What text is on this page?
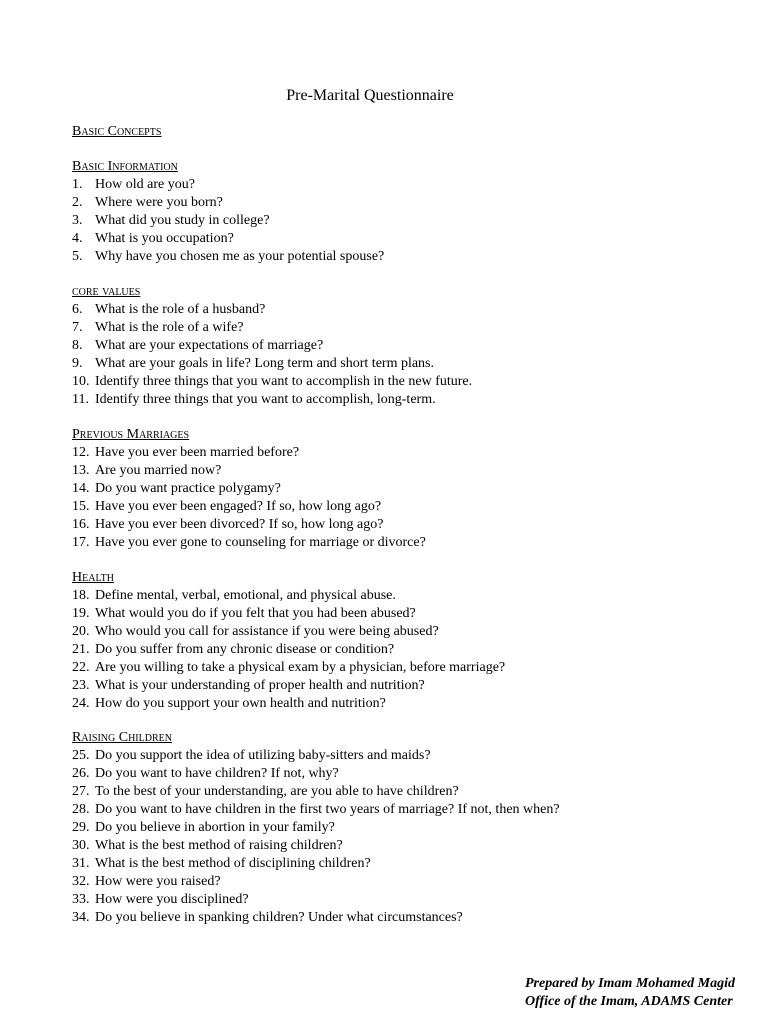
Pre-Marital Questionnaire
Basic Concepts
Basic Information
1. How old are you?
2. Where were you born?
3. What did you study in college?
4. What is you occupation?
5. Why have you chosen me as your potential spouse?
core values
6. What is the role of a husband?
7. What is the role of a wife?
8. What are your expectations of marriage?
9. What are your goals in life? Long term and short term plans.
10. Identify three things that you want to accomplish in the new future.
11. Identify three things that you want to accomplish, long-term.
Previous Marriages
12. Have you ever been married before?
13. Are you married now?
14. Do you want practice polygamy?
15. Have you ever been engaged? If so, how long ago?
16. Have you ever been divorced? If so, how long ago?
17. Have you ever gone to counseling for marriage or divorce?
Health
18. Define mental, verbal, emotional, and physical abuse.
19. What would you do if you felt that you had been abused?
20. Who would you call for assistance if you were being abused?
21. Do you suffer from any chronic disease or condition?
22. Are you willing to take a physical exam by a physician, before marriage?
23. What is your understanding of proper health and nutrition?
24. How do you support your own health and nutrition?
Raising Children
25. Do you support the idea of utilizing baby-sitters and maids?
26. Do you want to have children? If not, why?
27. To the best of your understanding, are you able to have children?
28. Do you want to have children in the first two years of marriage? If not, then when?
29. Do you believe in abortion in your family?
30. What is the best method of raising children?
31. What is the best method of disciplining children?
32. How were you raised?
33. How were you disciplined?
34. Do you believe in spanking children? Under what circumstances?
Prepared by Imam Mohamed Magid
Office of the Imam, ADAMS Center
